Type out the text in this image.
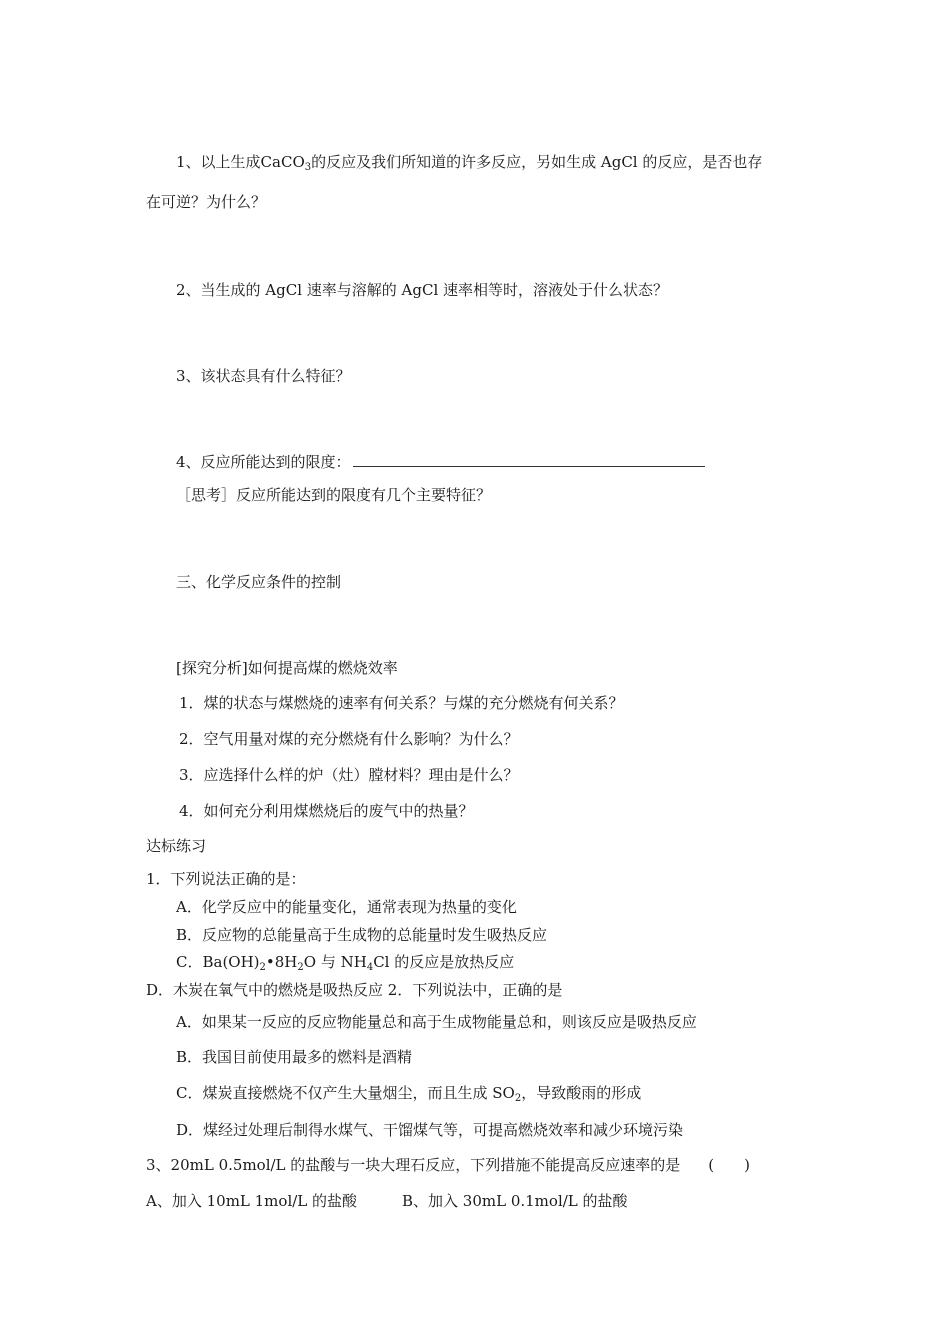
1、以上生成CaCO$_3$的反应及我们所知道的许多反应，另如生成 AgCl 的反应，是否也存
在可逆？为什么？
2、当生成的 AgCl 速率与溶解的 AgCl 速率相等时，溶液处于什么状态？
3、该状态具有什么特征？
4、反应所能达到的限度：
［思考］反应所能达到的限度有几个主要特征？
三、化学反应条件的控制
[探究分析]如何提高煤的燃烧效率
1．煤的状态与煤燃烧的速率有何关系？与煤的充分燃烧有何关系？
2．空气用量对煤的充分燃烧有什么影响？为什么？
3．应选择什么样的炉（灶）膛材料？理由是什么？
4．如何充分利用煤燃烧后的废气中的热量？
达标练习
1．下列说法正确的是：
A．化学反应中的能量变化，通常表现为热量的变化
B．反应物的总能量高于生成物的总能量时发生吸热反应
C．$Ba(OH)_2•8H_2O$ 与 $NH_4Cl$ 的反应是放热反应
D．木炭在氧气中的燃烧是吸热反应 2．下列说法中，正确的是
A．如果某一反应的反应物能量总和高于生成物能量总和，则该反应是吸热反应
B．我国目前使用最多的燃料是酒精
C．煤炭直接燃烧不仅产生大量烟尘，而且生成 $SO_2$，导致酸雨的形成
D．煤经过处理后制得水煤气、干馏煤气等，可提高燃烧效率和减少环境污染
3、20mL 0.5mol/L 的盐酸与一块大理石反应，下列措施不能提高反应速率的是 (　　)
A、加入 10mL 1mol/L 的盐酸	B、加入 30mL 0.1mol/L 的盐酸
